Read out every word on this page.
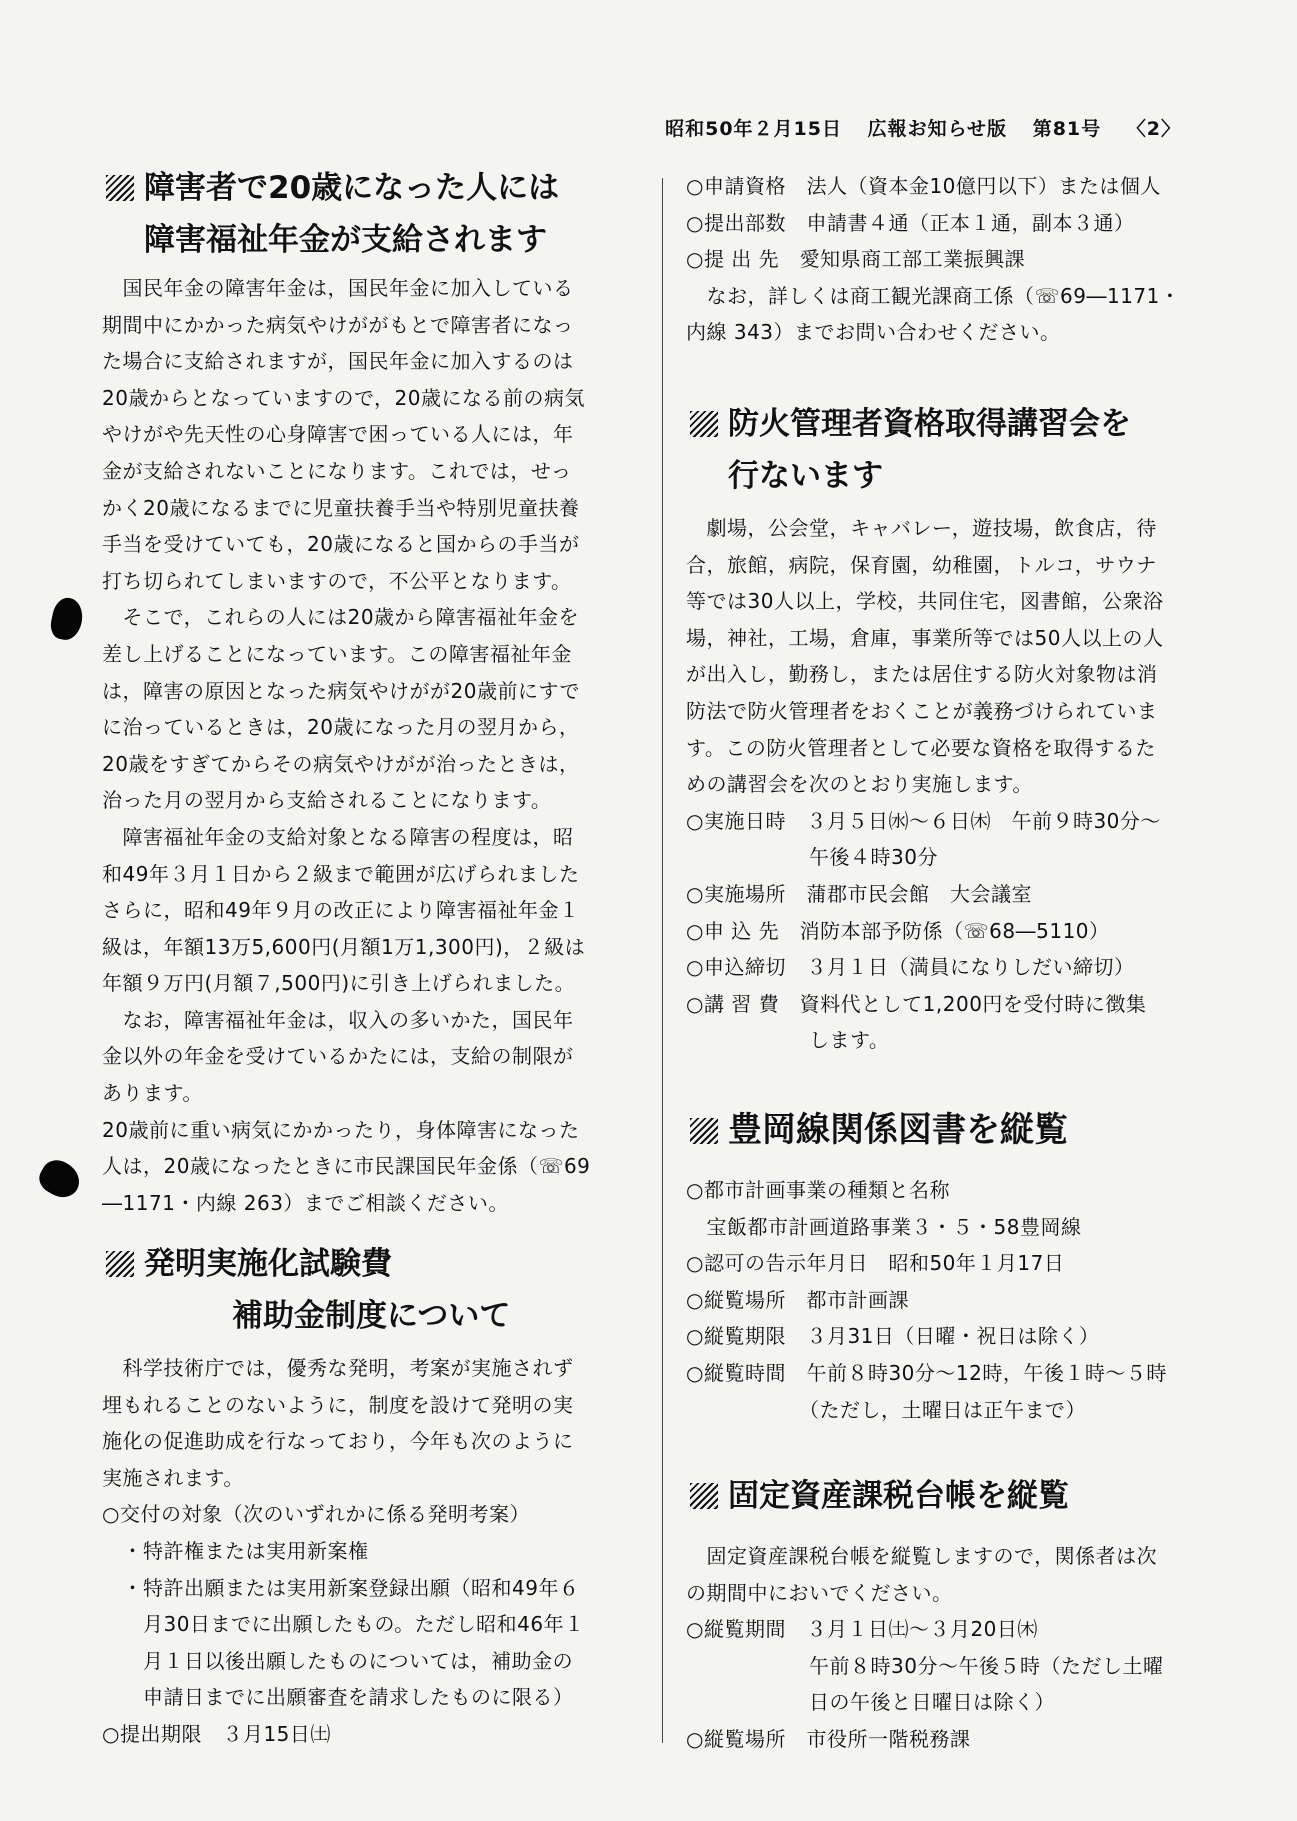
昭和50年２月15日 広報お知らせ版 第81号 〈2〉
障害者で20歳になった人には
障害福祉年金が支給されます
　国民年金の障害年金は，国民年金に加入している
期間中にかかった病気やけががもとで障害者になっ
た場合に支給されますが，国民年金に加入するのは
20歳からとなっていますので，20歳になる前の病気
やけがや先天性の心身障害で困っている人には，年
金が支給されないことになります。これでは，せっ
かく20歳になるまでに児童扶養手当や特別児童扶養
手当を受けていても，20歳になると国からの手当が
打ち切られてしまいますので，不公平となります。
　そこで，これらの人には20歳から障害福祉年金を
差し上げることになっています。この障害福祉年金
は，障害の原因となった病気やけがが20歳前にすで
に治っているときは，20歳になった月の翌月から，
20歳をすぎてからその病気やけがが治ったときは，
治った月の翌月から支給されることになります。
　障害福祉年金の支給対象となる障害の程度は，昭
和49年３月１日から２級まで範囲が広げられました
さらに，昭和49年９月の改正により障害福祉年金１
級は，年額13万5,600円(月額1万1,300円)，２級は
年額９万円(月額７,500円)に引き上げられました。
　なお，障害福祉年金は，収入の多いかた，国民年
金以外の年金を受けているかたには，支給の制限が
あります。
20歳前に重い病気にかかったり，身体障害になった
人は，20歳になったときに市民課国民年金係（☏69
―1171・内線 263）までご相談ください。
発明実施化試験費
補助金制度について
　科学技術庁では，優秀な発明，考案が実施されず
埋もれることのないように，制度を設けて発明の実
施化の促進助成を行なっており，今年も次のように
実施されます。
○交付の対象（次のいずれかに係る発明考案）
　・特許権または実用新案権
　・特許出願または実用新案登録出願（昭和49年６
　　月30日までに出願したもの。ただし昭和46年１
　　月１日以後出願したものについては，補助金の
　　申請日までに出願審査を請求したものに限る）
○提出期限　３月15日㈯
○申請資格　法人（資本金10億円以下）または個人
○提出部数　申請書４通（正本１通，副本３通）
○提 出 先　愛知県商工部工業振興課
　なお，詳しくは商工観光課商工係（☏69―1171・
内線 343）までお問い合わせください。
防火管理者資格取得講習会を
行ないます
　劇場，公会堂，キャバレー，遊技場，飲食店，待
合，旅館，病院，保育園，幼稚園，トルコ，サウナ
等では30人以上，学校，共同住宅，図書館，公衆浴
場，神社，工場，倉庫，事業所等では50人以上の人
が出入し，勤務し，または居住する防火対象物は消
防法で防火管理者をおくことが義務づけられていま
す。この防火管理者として必要な資格を取得するた
めの講習会を次のとおり実施します。
○実施日時　３月５日㈬～６日㈭　午前９時30分～
　　　　　　午後４時30分
○実施場所　蒲郡市民会館　大会議室
○申 込 先　消防本部予防係（☏68―5110）
○申込締切　３月１日（満員になりしだい締切）
○講 習 費　資料代として1,200円を受付時に徴集
　　　　　　します。
豊岡線関係図書を縦覧
○都市計画事業の種類と名称
　宝飯都市計画道路事業３・５・58豊岡線
○認可の告示年月日　昭和50年１月17日
○縦覧場所　都市計画課
○縦覧期限　３月31日（日曜・祝日は除く）
○縦覧時間　午前８時30分～12時，午後１時～５時
　　　　　　（ただし，土曜日は正午まで）
固定資産課税台帳を縦覧
　固定資産課税台帳を縦覧しますので，関係者は次
の期間中においでください。
○縦覧期間　３月１日㈯～３月20日㈭
　　　　　　午前８時30分～午後５時（ただし土曜
　　　　　　日の午後と日曜日は除く）
○縦覧場所　市役所一階税務課
